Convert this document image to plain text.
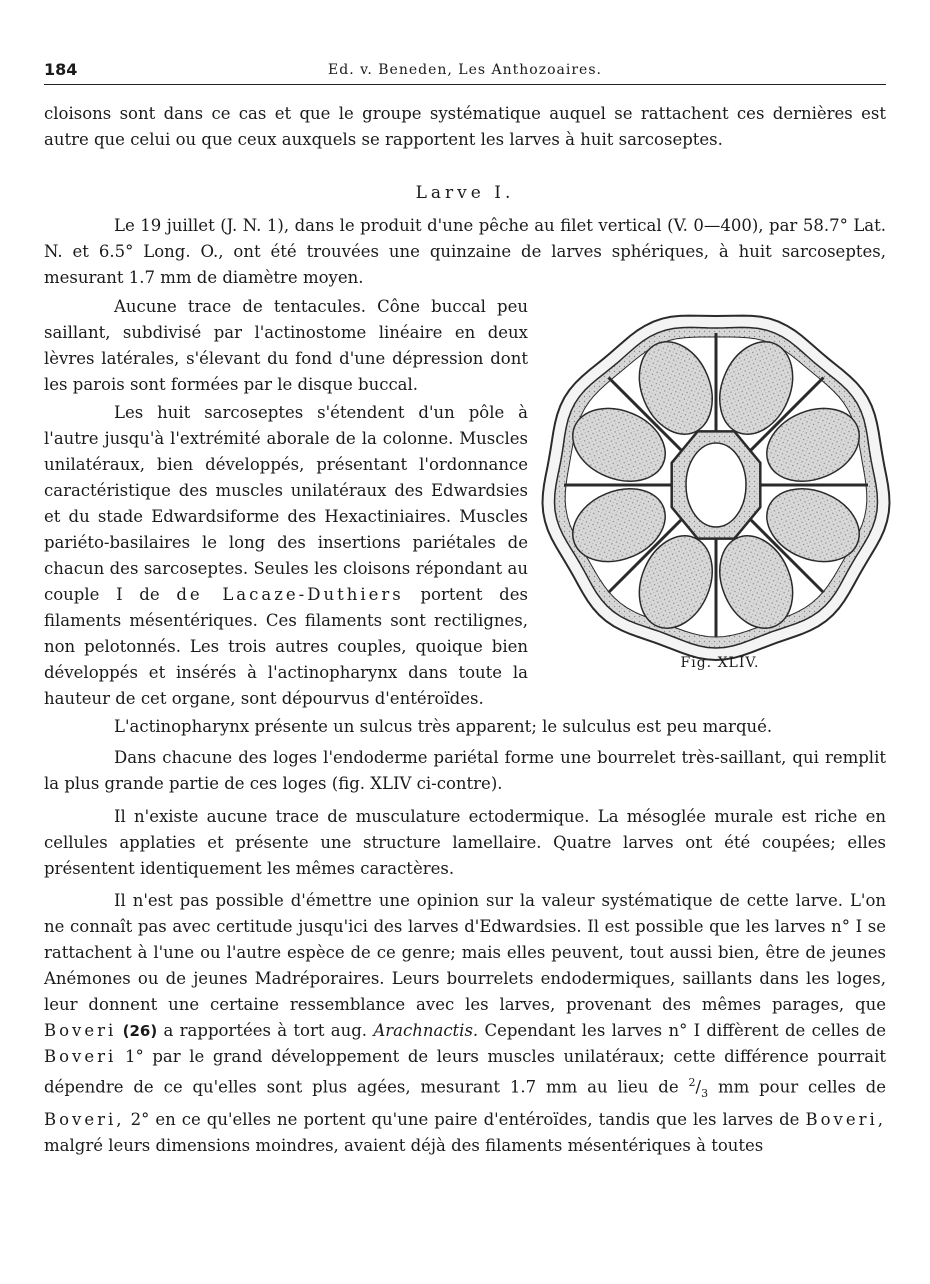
184	Ed. v. Beneden, Les Anthozoaires.

cloisons sont dans ce cas et que le groupe systématique auquel se rattachent ces dernières est autre que celui ou que ceux auxquels se rapportent les larves à huit sarcoseptes.

Larve I.

Le 19 juillet (J. N. 1), dans le produit d'une pêche au filet vertical (V. 0—400), par 58.7° Lat. N. et 6.5° Long. O., ont été trouvées une quinzaine de larves sphériques, à huit sarcoseptes, mesurant 1.7 mm de diamètre moyen.

Aucune trace de tentacules. Cône buccal peu saillant, subdivisé par l'actinostome linéaire en deux lèvres latérales, s'élevant du fond d'une dépression dont les parois sont formées par le disque buccal.

Les huit sarcoseptes s'étendent d'un pôle à l'autre jusqu'à l'extrémité aborale de la colonne. Muscles unilatéraux, bien développés, présentant l'ordonnance caractéristique des muscles unilatéraux des Edwardsies et du stade Edwardsiforme des Hexactiniaires. Muscles pariéto-basilaires le long des insertions pariétales de chacun des sarcoseptes. Seules les cloisons répondant au couple I de de Lacaze-Duthiers portent des filaments mésentériques. Ces filaments sont rectilignes, non pelotonnés. Les trois autres couples, quoique bien développés et insérés à l'actinopharynx dans toute la hauteur de cet organe, sont dépourvus d'entéroïdes.

Fig. XLIV.

L'actinopharynx présente un sulcus très apparent; le sulculus est peu marqué.

Dans chacune des loges l'endoderme pariétal forme une bourrelet très-saillant, qui remplit la plus grande partie de ces loges (fig. XLIV ci-contre).

Il n'existe aucune trace de musculature ectodermique. La mésoglée murale est riche en cellules applaties et présente une structure lamellaire. Quatre larves ont été coupées; elles présentent identiquement les mêmes caractères.

Il n'est pas possible d'émettre une opinion sur la valeur systématique de cette larve. L'on ne connaît pas avec certitude jusqu'ici des larves d'Edwardsies. Il est possible que les larves n° I se rattachent à l'une ou l'autre espèce de ce genre; mais elles peuvent, tout aussi bien, être de jeunes Anémones ou de jeunes Madréporaires. Leurs bourrelets endodermiques, saillants dans les loges, leur donnent une certaine ressemblance avec les larves, provenant des mêmes parages, que Boveri (26) a rapportées à tort aug. Arachnactis. Cependant les larves n° I diffèrent de celles de Boveri 1° par le grand développement de leurs muscles unilatéraux; cette différence pourrait dépendre de ce qu'elles sont plus agées, mesurant 1.7 mm au lieu de $^2/_3$ mm pour celles de Boveri, 2° en ce qu'elles ne portent qu'une paire d'entéroïdes, tandis que les larves de Boveri, malgré leurs dimensions moindres, avaient déjà des filaments mésentériques à toutes
